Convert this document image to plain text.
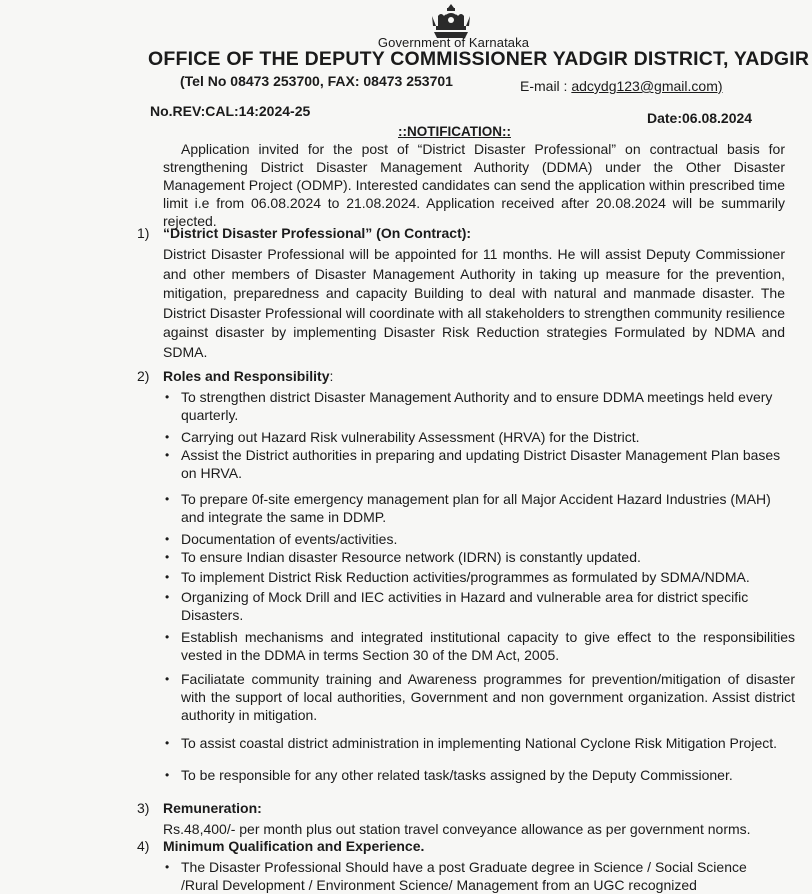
Government of Karnataka
OFFICE OF THE DEPUTY COMMISSIONER YADGIR DISTRICT, YADGIR
(Tel No 08473 253700, FAX: 08473 253701	E-mail : adcydg123@gmail.com)
No.REV:CAL:14:2024-25	Date:06.08.2024
::NOTIFICATION::
Application invited for the post of “District Disaster Professional” on contractual basis for strengthening District Disaster Management Authority (DDMA) under the Other Disaster Management Project (ODMP). Interested candidates can send the application within prescribed time limit i.e from 06.08.2024 to 21.08.2024. Application received after 20.08.2024 will be summarily rejected.
1) “District Disaster Professional” (On Contract):
District Disaster Professional will be appointed for 11 months. He will assist Deputy Commissioner and other members of Disaster Management Authority in taking up measure for the prevention, mitigation, preparedness and capacity Building to deal with natural and manmade disaster. The District Disaster Professional will coordinate with all stakeholders to strengthen community resilience against disaster by implementing Disaster Risk Reduction strategies Formulated by NDMA and SDMA.
2) Roles and Responsibility:
• To strengthen district Disaster Management Authority and to ensure DDMA meetings held every quarterly.
• Carrying out Hazard Risk vulnerability Assessment (HRVA) for the District.
• Assist the District authorities in preparing and updating District Disaster Management Plan bases on HRVA.
• To prepare 0f-site emergency management plan for all Major Accident Hazard Industries (MAH) and integrate the same in DDMP.
• Documentation of events/activities.
• To ensure Indian disaster Resource network (IDRN) is constantly updated.
• To implement District Risk Reduction activities/programmes as formulated by SDMA/NDMA.
• Organizing of Mock Drill and IEC activities in Hazard and vulnerable area for district specific Disasters.
• Establish mechanisms and integrated institutional capacity to give effect to the responsibilities vested in the DDMA in terms Section 30 of the DM Act, 2005.
• Faciliatate community training and Awareness programmes for prevention/mitigation of disaster with the support of local authorities, Government and non government organization. Assist district authority in mitigation.
• To assist coastal district administration in implementing National Cyclone Risk Mitigation Project.
• To be responsible for any other related task/tasks assigned by the Deputy Commissioner.
3) Remuneration:
Rs.48,400/- per month plus out station travel conveyance allowance as per government norms.
4) Minimum Qualification and Experience.
• The Disaster Professional Should have a post Graduate degree in Science / Social Science
/Rural Development / Environment Science/ Management from an UGC recognized
